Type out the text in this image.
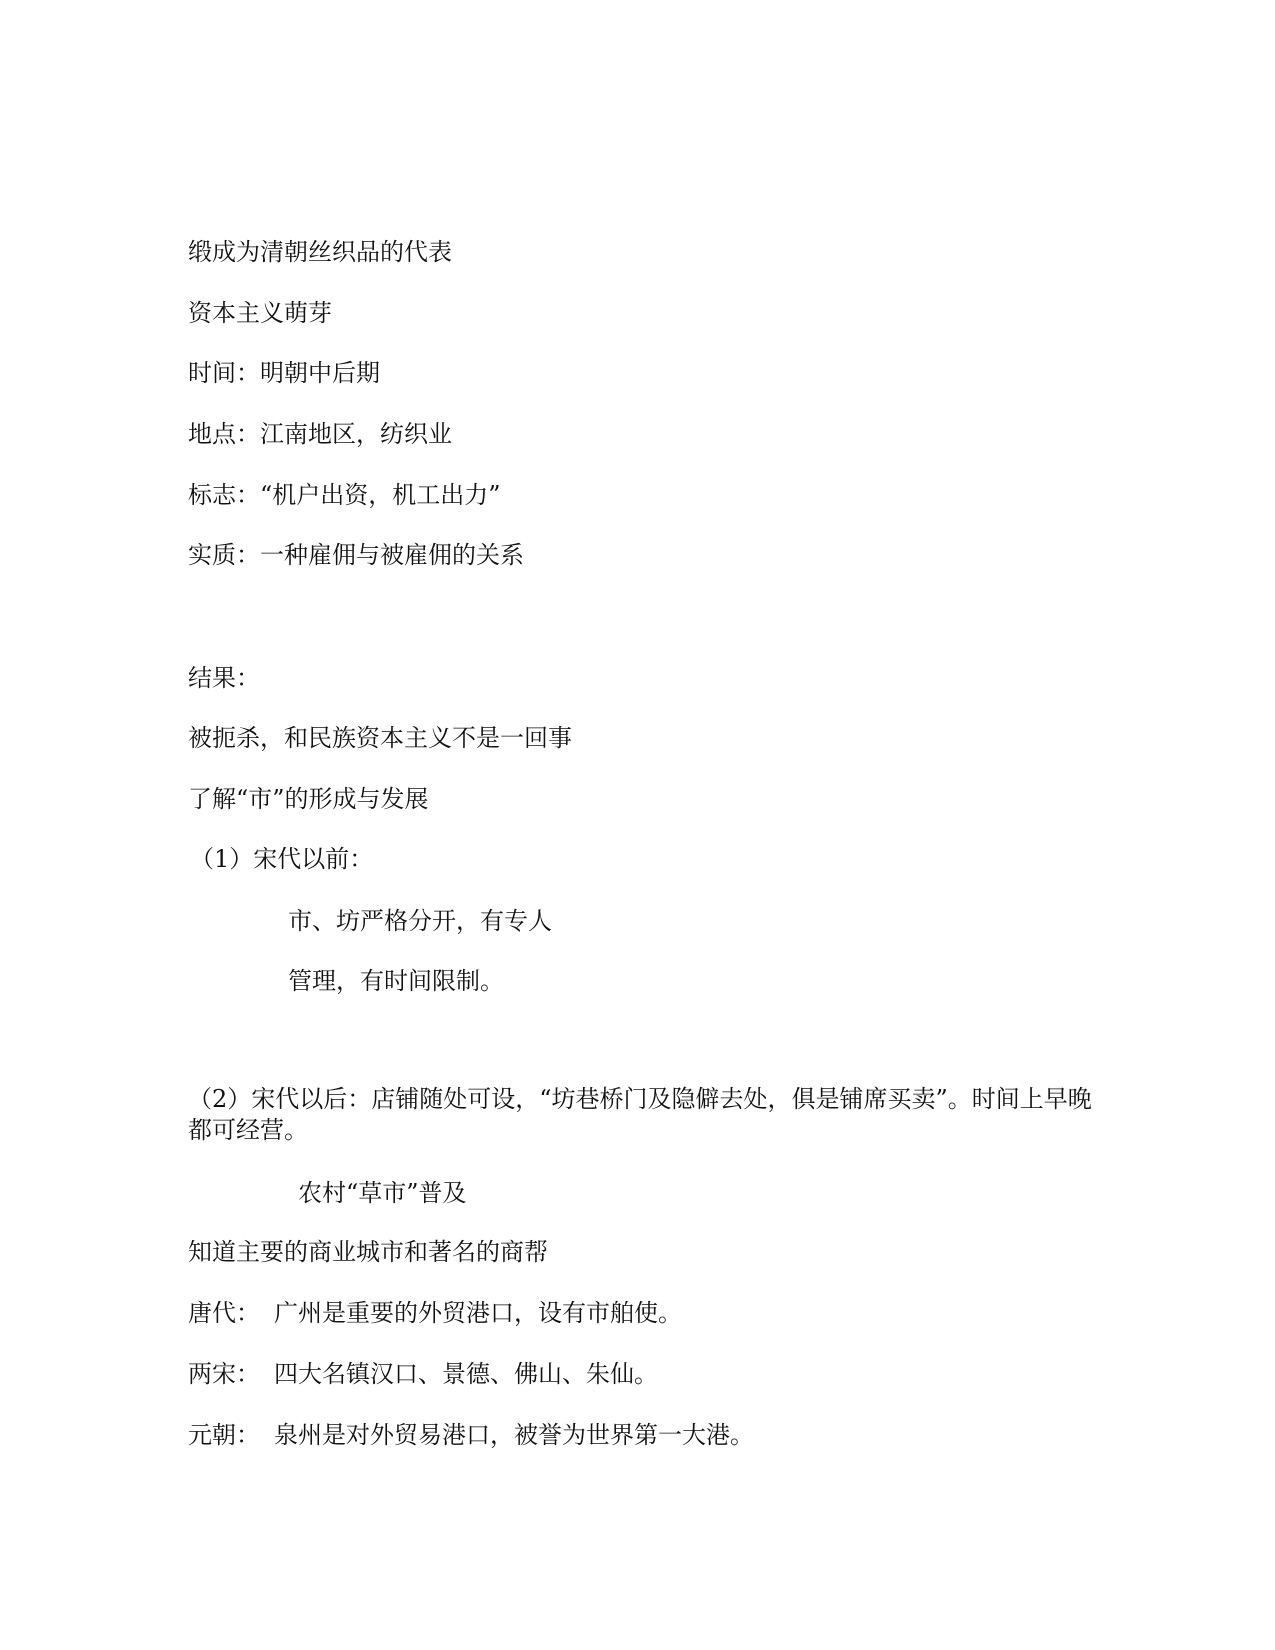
缎成为清朝丝织品的代表
资本主义萌芽
时间：明朝中后期
地点：江南地区，纺织业
标志：“机户出资，机工出力”
实质：一种雇佣与被雇佣的关系
结果：
被扼杀，和民族资本主义不是一回事
了解“市”的形成与发展
（1）宋代以前：
市、坊严格分开，有专人
管理，有时间限制。
（2）宋代以后：店铺随处可设，“坊巷桥门及隐僻去处，俱是铺席买卖”。时间上早晚都可经营。
农村“草市”普及
知道主要的商业城市和著名的商帮
唐代： 广州是重要的外贸港口，设有市舶使。
两宋： 四大名镇汉口、景德、佛山、朱仙。
元朝： 泉州是对外贸易港口，被誉为世界第一大港。
